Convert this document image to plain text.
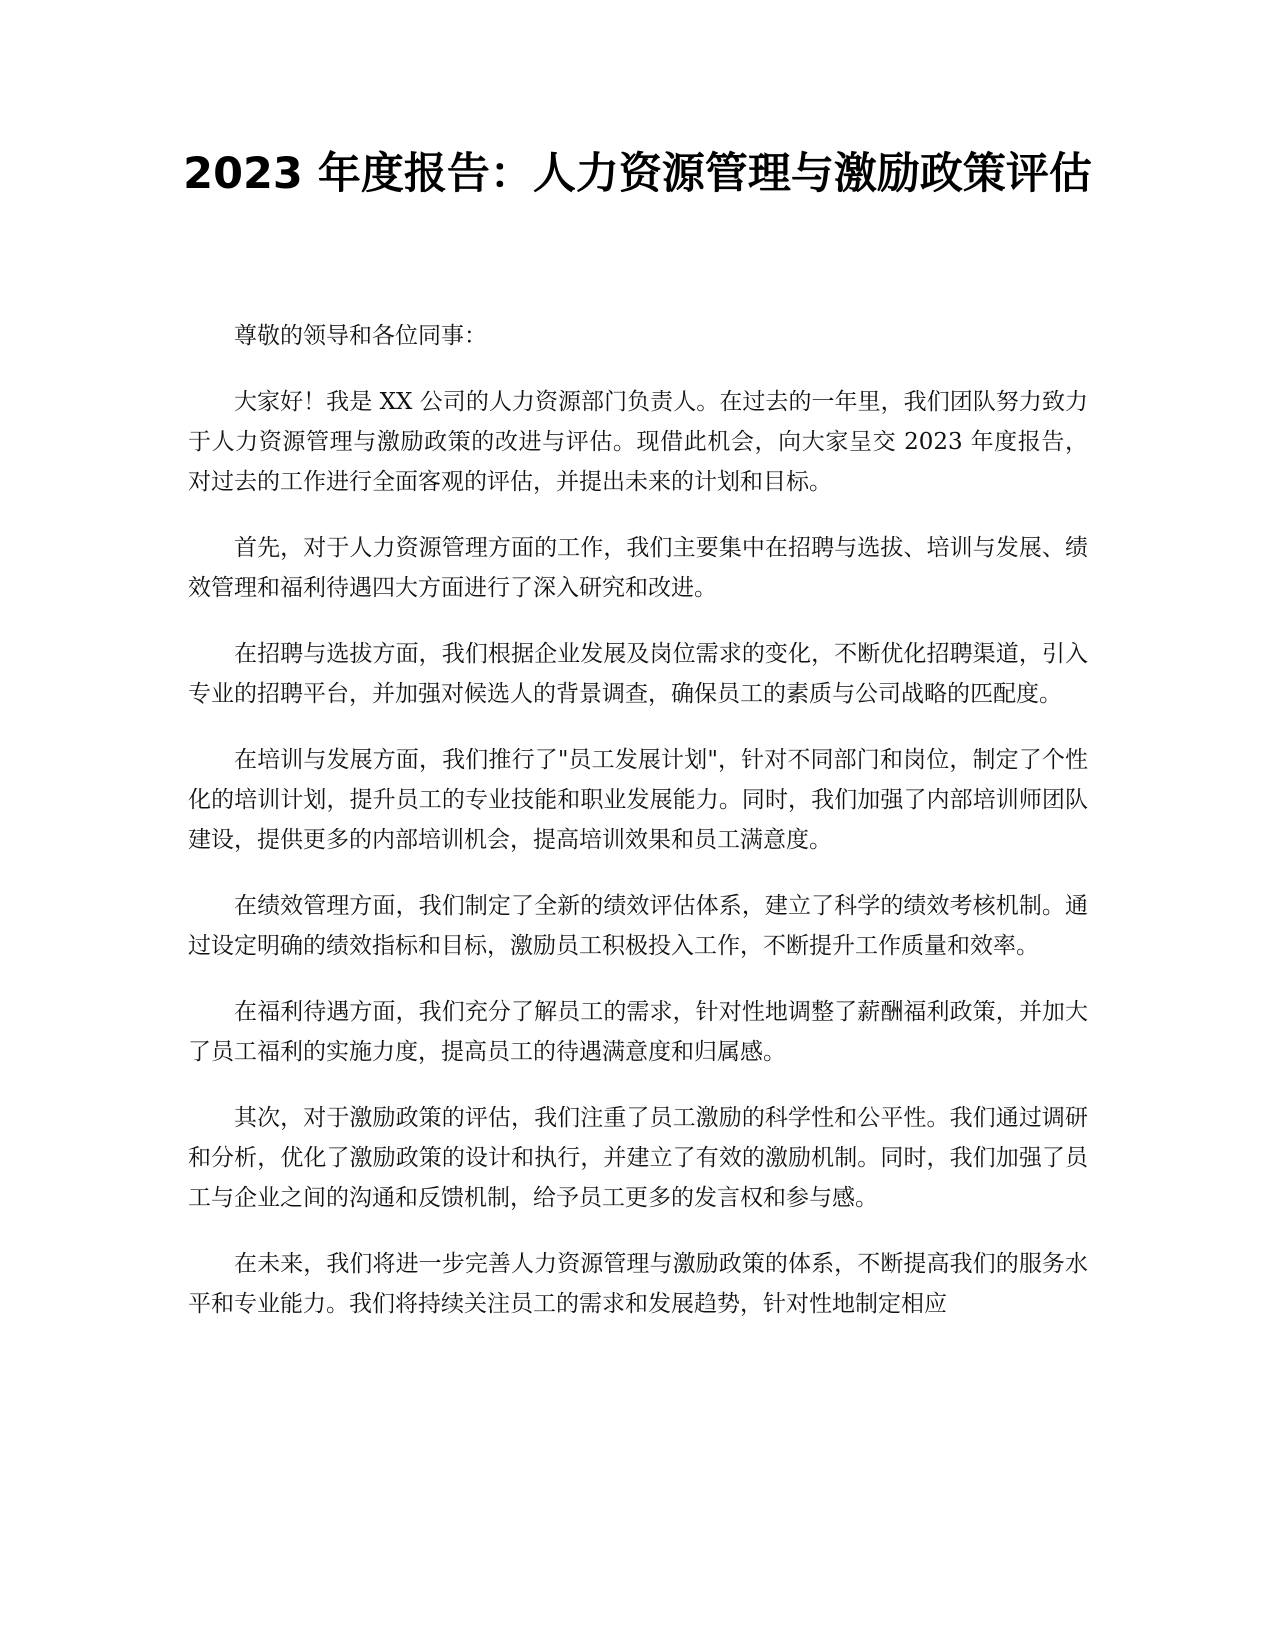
2023 年度报告：人力资源管理与激励政策评估

尊敬的领导和各位同事：

大家好！我是 XX 公司的人力资源部门负责人。在过去的一年里，我们团队努力致力于人力资源管理与激励政策的改进与评估。现借此机会，向大家呈交 2023 年度报告，对过去的工作进行全面客观的评估，并提出未来的计划和目标。

首先，对于人力资源管理方面的工作，我们主要集中在招聘与选拔、培训与发展、绩效管理和福利待遇四大方面进行了深入研究和改进。

在招聘与选拔方面，我们根据企业发展及岗位需求的变化，不断优化招聘渠道，引入专业的招聘平台，并加强对候选人的背景调查，确保员工的素质与公司战略的匹配度。

在培训与发展方面，我们推行了"员工发展计划"，针对不同部门和岗位，制定了个性化的培训计划，提升员工的专业技能和职业发展能力。同时，我们加强了内部培训师团队建设，提供更多的内部培训机会，提高培训效果和员工满意度。

在绩效管理方面，我们制定了全新的绩效评估体系，建立了科学的绩效考核机制。通过设定明确的绩效指标和目标，激励员工积极投入工作，不断提升工作质量和效率。

在福利待遇方面，我们充分了解员工的需求，针对性地调整了薪酬福利政策，并加大了员工福利的实施力度，提高员工的待遇满意度和归属感。

其次，对于激励政策的评估，我们注重了员工激励的科学性和公平性。我们通过调研和分析，优化了激励政策的设计和执行，并建立了有效的激励机制。同时，我们加强了员工与企业之间的沟通和反馈机制，给予员工更多的发言权和参与感。

在未来，我们将进一步完善人力资源管理与激励政策的体系，不断提高我们的服务水平和专业能力。我们将持续关注员工的需求和发展趋势，针对性地制定相应
